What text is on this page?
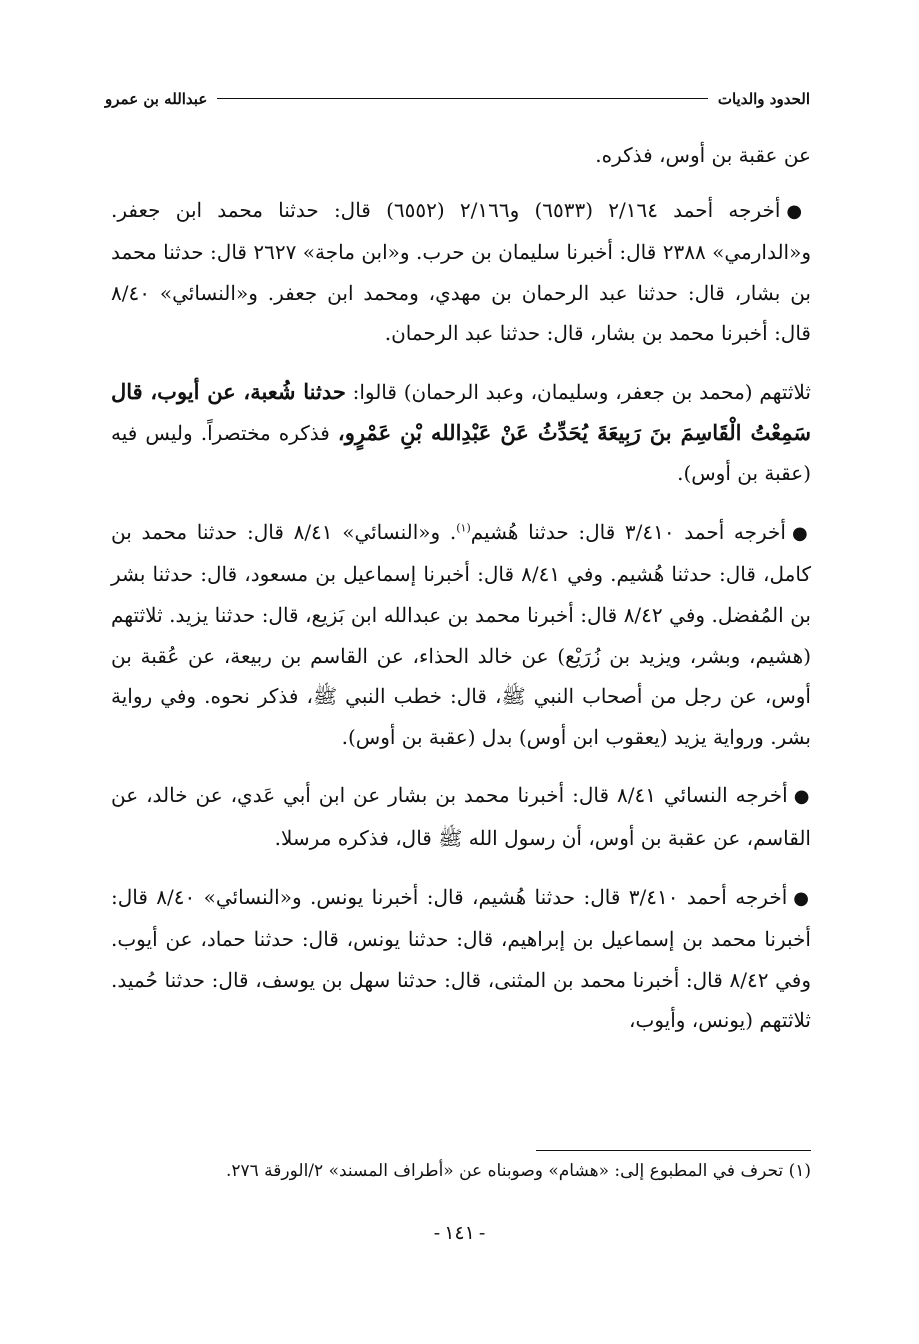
الحدود والديات
عبدالله بن عمرو

عن عقبة بن أوس، فذكره.

●أخرجه أحمد ٢/١٦٤ (٦٥٣٣) و٢/١٦٦ (٦٥٥٢) قال: حدثنا محمد ابن جعفر. و«الدارمي» ٢٣٨٨ قال: أخبرنا سليمان بن حرب. و«ابن ماجة» ٢٦٢٧ قال: حدثنا محمد بن بشار، قال: حدثنا عبد الرحمان بن مهدي، ومحمد ابن جعفر. و«النسائي» ٨/٤٠ قال: أخبرنا محمد بن بشار، قال: حدثنا عبد الرحمان.

ثلاثتهم (محمد بن جعفر، وسليمان، وعبد الرحمان) قالوا: حدثنا شُعبة، عن أيوب، قال سَمِعْتُ الْقَاسِمَ بنَ رَبِيعَةَ يُحَدِّثُ عَنْ عَبْدِالله بْنِ عَمْرٍو، فذكره مختصراً. وليس فيه (عقبة بن أوس).

●أخرجه أحمد ٣/٤١٠ قال: حدثنا هُشيم$^{(١)}$. و«النسائي» ٨/٤١ قال: حدثنا محمد بن كامل، قال: حدثنا هُشيم. وفي ٨/٤١ قال: أخبرنا إسماعيل بن مسعود، قال: حدثنا بشر بن المُفضل. وفي ٨/٤٢ قال: أخبرنا محمد بن عبدالله ابن بَزيع، قال: حدثنا يزيد. ثلاثتهم (هشيم، وبشر، ويزيد بن زُرَيْع) عن خالد الحذاء، عن القاسم بن ربيعة، عن عُقبة بن أوس، عن رجل من أصحاب النبي ﷺ، قال: خطب النبي ﷺ، فذكر نحوه. وفي رواية بشر. ورواية يزيد (يعقوب ابن أوس) بدل (عقبة بن أوس).

●أخرجه النسائي ٨/٤١ قال: أخبرنا محمد بن بشار عن ابن أبي عَدي، عن خالد، عن القاسم، عن عقبة بن أوس، أن رسول الله ﷺ قال، فذكره مرسلا.

●أخرجه أحمد ٣/٤١٠ قال: حدثنا هُشيم، قال: أخبرنا يونس. و«النسائي» ٨/٤٠ قال: أخبرنا محمد بن إسماعيل بن إبراهيم، قال: حدثنا يونس، قال: حدثنا حماد، عن أيوب. وفي ٨/٤٢ قال: أخبرنا محمد بن المثنى، قال: حدثنا سهل بن يوسف، قال: حدثنا حُميد. ثلاثتهم (يونس، وأيوب،

(١) تحرف في المطبوع إلى: «هشام» وصوبناه عن «أطراف المسند» ٢/الورقة ٢٧٦.
-١٤١-
